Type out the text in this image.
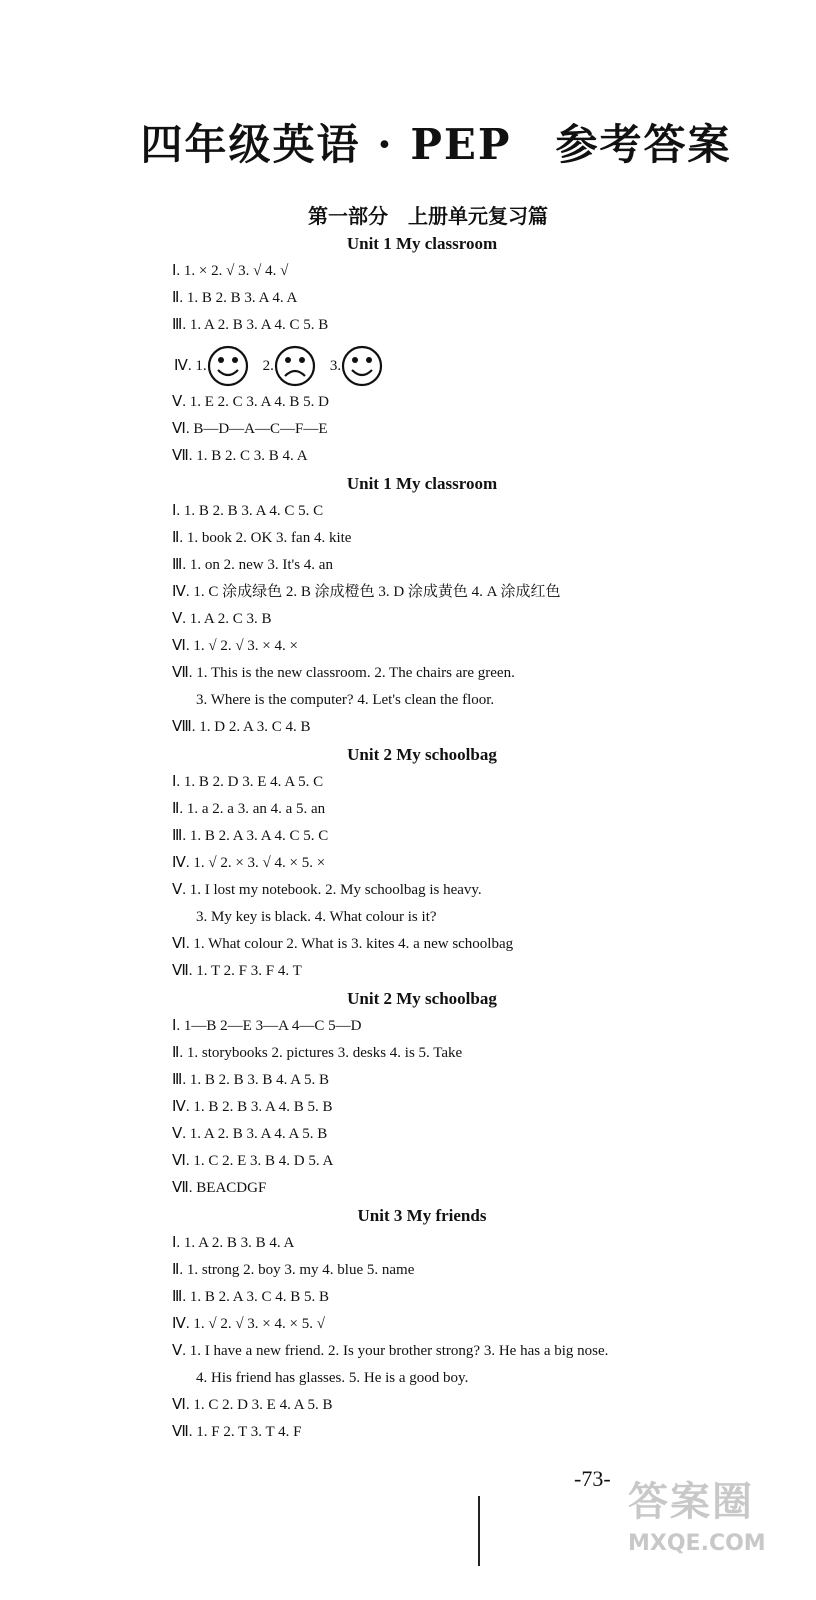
四年级英语 · PEP　参考答案
第一部分　上册单元复习篇
Unit 1 My classroom
Ⅰ. 1. × 2. √ 3. √ 4. √
Ⅱ. 1. B 2. B 3. A 4. A
Ⅲ. 1. A 2. B 3. A 4. C 5. B
Ⅳ. 1.	2.	3.
Ⅴ. 1. E 2. C 3. A 4. B 5. D
Ⅵ. B—D—A—C—F—E
Ⅶ. 1. B 2. C 3. B 4. A
Unit 1 My classroom
Ⅰ. 1. B 2. B 3. A 4. C 5. C
Ⅱ. 1. book 2. OK 3. fan 4. kite
Ⅲ. 1. on 2. new 3. It's 4. an
Ⅳ. 1. C 涂成绿色 2. B 涂成橙色 3. D 涂成黄色 4. A 涂成红色
Ⅴ. 1. A 2. C 3. B
Ⅵ. 1. √ 2. √ 3. × 4. ×
Ⅶ. 1. This is the new classroom. 2. The chairs are green.
3. Where is the computer? 4. Let's clean the floor.
Ⅷ. 1. D 2. A 3. C 4. B
Unit 2 My schoolbag
Ⅰ. 1. B 2. D 3. E 4. A 5. C
Ⅱ. 1. a 2. a 3. an 4. a 5. an
Ⅲ. 1. B 2. A 3. A 4. C 5. C
Ⅳ. 1. √ 2. × 3. √ 4. × 5. ×
Ⅴ. 1. I lost my notebook. 2. My schoolbag is heavy.
3. My key is black. 4. What colour is it?
Ⅵ. 1. What colour 2. What is 3. kites 4. a new schoolbag
Ⅶ. 1. T 2. F 3. F 4. T
Unit 2 My schoolbag
Ⅰ. 1—B 2—E 3—A 4—C 5—D
Ⅱ. 1. storybooks 2. pictures 3. desks 4. is 5. Take
Ⅲ. 1. B 2. B 3. B 4. A 5. B
Ⅳ. 1. B 2. B 3. A 4. B 5. B
Ⅴ. 1. A 2. B 3. A 4. A 5. B
Ⅵ. 1. C 2. E 3. B 4. D 5. A
Ⅶ. BEACDGF
Unit 3 My friends
Ⅰ. 1. A 2. B 3. B 4. A
Ⅱ. 1. strong 2. boy 3. my 4. blue 5. name
Ⅲ. 1. B 2. A 3. C 4. B 5. B
Ⅳ. 1. √ 2. √ 3. × 4. × 5. √
Ⅴ. 1. I have a new friend. 2. Is your brother strong? 3. He has a big nose.
4. His friend has glasses. 5. He is a good boy.
Ⅵ. 1. C 2. D 3. E 4. A 5. B
Ⅶ. 1. F 2. T 3. T 4. F
-73-
答案圈
MXQE.COM
